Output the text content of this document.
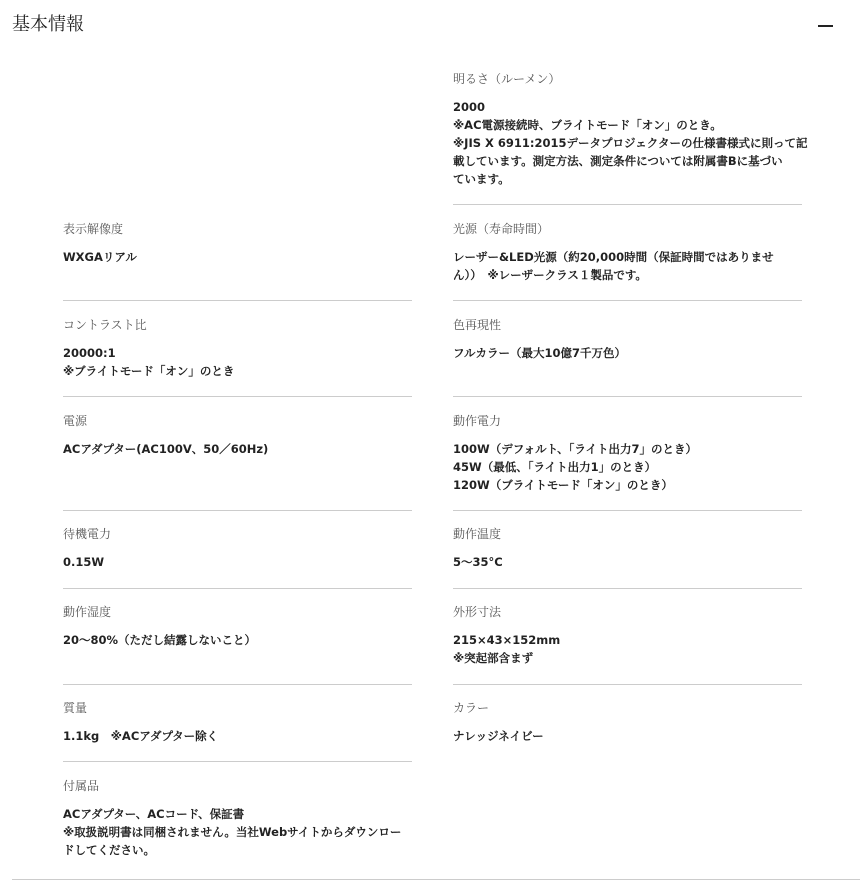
基本情報
明るさ（ルーメン）
2000
※AC電源接続時、ブライトモード「オン」のとき。
※JIS X 6911:2015データプロジェクターの仕様書様式に則って記
載しています。測定方法、測定条件については附属書Bに基づい
ています。
表示解像度
WXGAリアル
光源（寿命時間）
レーザー&LED光源（約20,000時間（保証時間ではありませ
ん））　※レーザークラス１製品です。
コントラスト比
20000:1
※ブライトモード「オン」のとき
色再現性
フルカラー（最大10億7千万色）
電源
ACアダプター(AC100V、50／60Hz)
動作電力
100W（デフォルト、「ライト出力7」のとき）
45W（最低、「ライト出力1」のとき）
120W（ブライトモード「オン」のとき）
待機電力
0.15W
動作温度
5〜35°C
動作湿度
20〜80%（ただし結露しないこと）
外形寸法
215×43×152mm
※突起部含まず
質量
1.1kg　※ACアダプター除く
カラー
ナレッジネイビー
付属品
ACアダプター、ACコード、保証書
※取扱説明書は同梱されません。当社Webサイトからダウンロー
ドしてください。
